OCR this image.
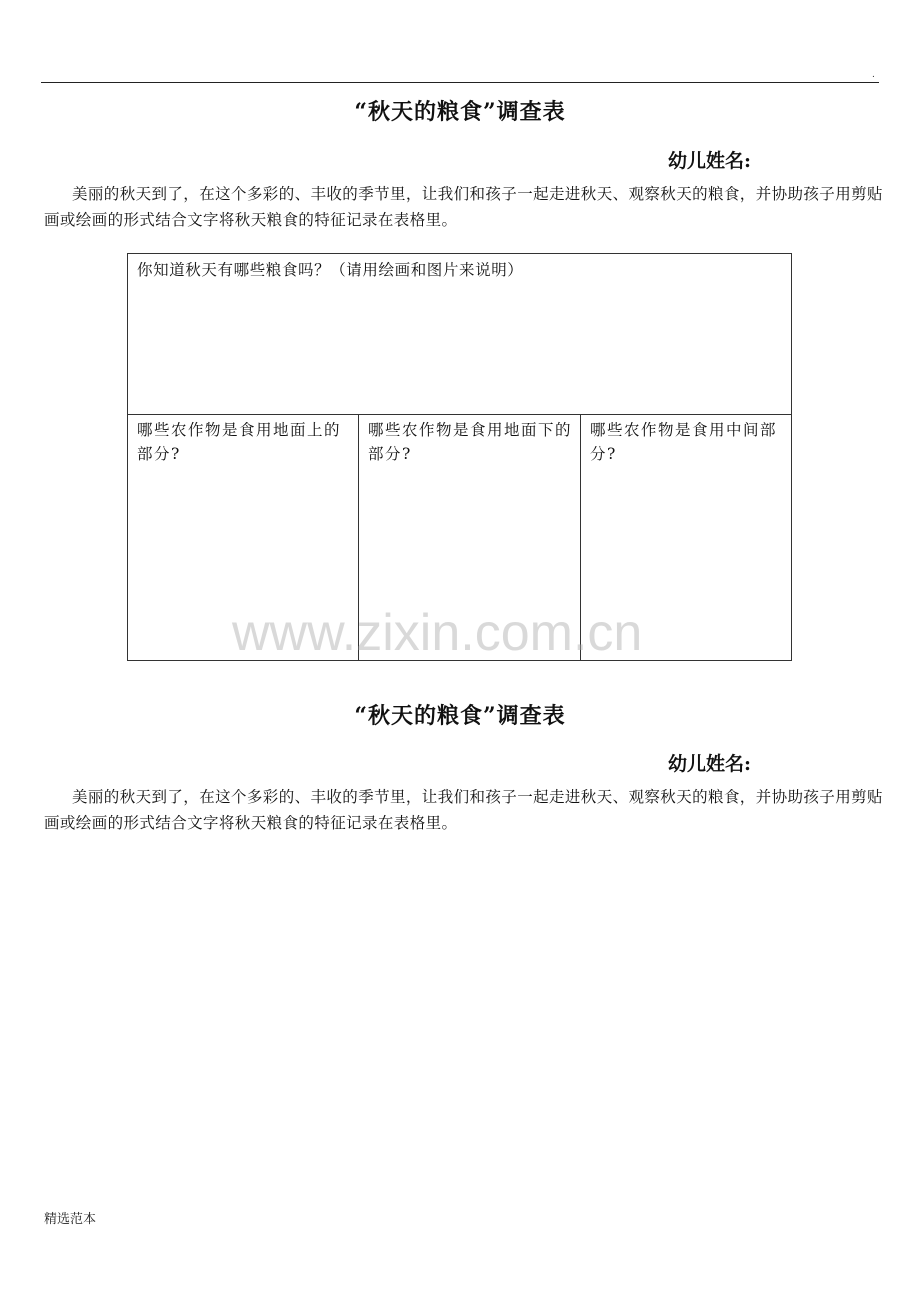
.
“秋天的粮食”调查表
幼儿姓名:

美丽的秋天到了，在这个多彩的、丰收的季节里，让我们和孩子一起走进秋天、观察秋天的粮食，并协助孩子用剪贴画或绘画的形式结合文字将秋天粮食的特征记录在表格里。

你知道秋天有哪些粮食吗？（请用绘画和图片来说明）

哪些农作物是食用地面上的部分?

哪些农作物是食用地面下的部分?

哪些农作物是食用中间部分?

www.zixin.com.cn
“秋天的粮食”调查表
幼儿姓名:

美丽的秋天到了，在这个多彩的、丰收的季节里，让我们和孩子一起走进秋天、观察秋天的粮食，并协助孩子用剪贴画或绘画的形式结合文字将秋天粮食的特征记录在表格里。

精选范本
